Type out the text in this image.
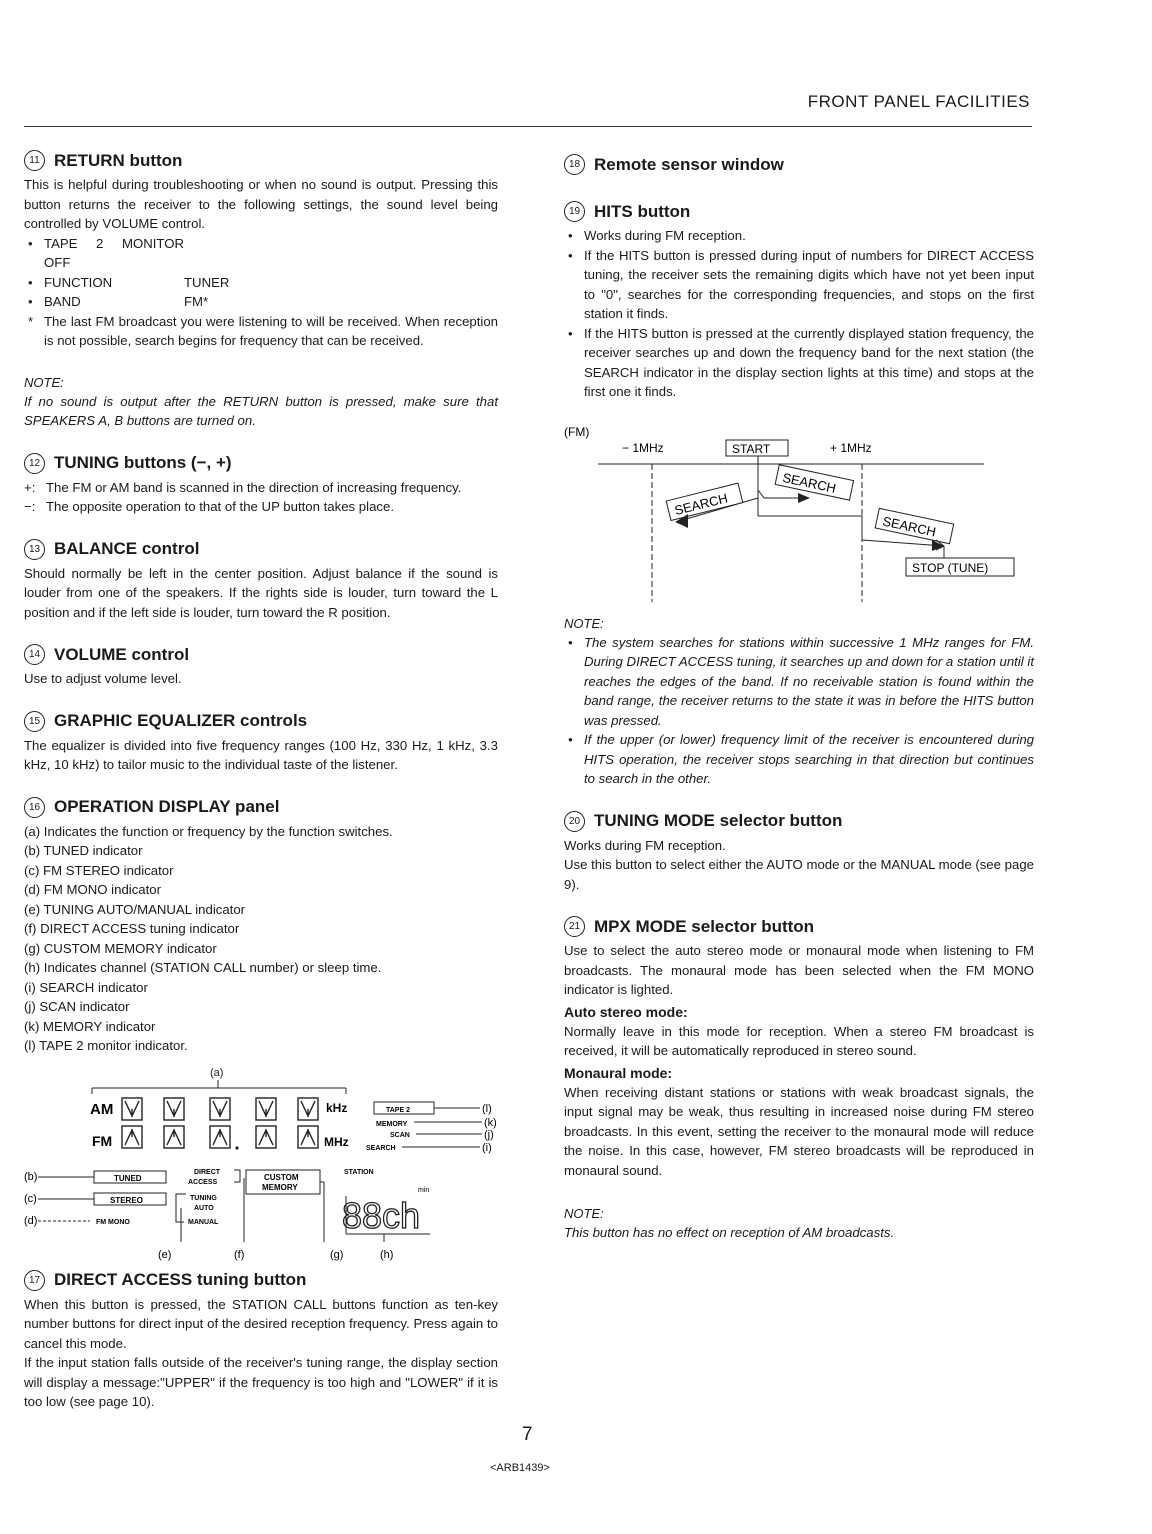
FRONT PANEL FACILITIES
11 RETURN button

This is helpful during troubleshooting or when no sound is output. Pressing this button returns the receiver to the following settings, the sound level being controlled by VOLUME control.

• TAPE 2 MONITOR OFF
• FUNCTION	TUNER
• BAND	FM*
* The last FM broadcast you were listening to will be received. When reception is not possible, search begins for frequency that can be received.
NOTE:

If no sound is output after the RETURN button is pressed, make sure that SPEAKERS A, B buttons are turned on.

12 TUNING buttons (−, +)
+: The FM or AM band is scanned in the direction of increasing frequency.
−: The opposite operation to that of the UP button takes place.
13 BALANCE control

Should normally be left in the center position. Adjust balance if the sound is louder from one of the speakers. If the rights side is louder, turn toward the L position and if the left side is louder, turn toward the R position.

14 VOLUME control

Use to adjust volume level.

15 GRAPHIC EQUALIZER controls

The equalizer is divided into five frequency ranges (100 Hz, 330 Hz, 1 kHz, 3.3 kHz, 10 kHz) to tailor music to the individual taste of the listener.

16 OPERATION DISPLAY panel

(a) Indicates the function or frequency by the function switches.

(b) TUNED indicator

(c) FM STEREO indicator

(d) FM MONO indicator

(e) TUNING AUTO/MANUAL indicator

(f) DIRECT ACCESS tuning indicator

(g) CUSTOM MEMORY indicator

(h) Indicates channel (STATION CALL number) or sleep time.

(i) SEARCH indicator

(j) SCAN indicator

(k) MEMORY indicator

(l) TAPE 2 monitor indicator.

(a)
AM
FM
kHz
MHz
TAPE 2
MEMORY
SCAN
SEARCH
(l)
(k)
(j)
(i)
(b)
(c)
(d)
TUNED
STEREO
FM MONO
DIRECT
ACCESS
TUNING
AUTO
MANUAL
CUSTOM
MEMORY
STATION
min
88ch
(e)	(f)	(g)	(h)
17 DIRECT ACCESS tuning button

When this button is pressed, the STATION CALL buttons function as ten-key number buttons for direct input of the desired reception frequency. Press again to cancel this mode.

If the input station falls outside of the receiver's tuning range, the display section will display a message:"UPPER" if the frequency is too high and "LOWER" if it is too low (see page 10).

18 Remote sensor window
19 HITS button
• Works during FM reception.
• If the HITS button is pressed during input of numbers for DIRECT ACCESS tuning, the receiver sets the remaining digits which have not yet been input to "0", searches for the corresponding frequencies, and stops on the first station it finds.
• If the HITS button is pressed at the currently displayed station frequency, the receiver searches up and down the frequency band for the next station (the SEARCH indicator in the display section lights at this time) and stops at the first one it finds.
(FM)
− 1MHz	START	+ 1MHz
SEARCH
SEARCH
SEARCH
STOP (TUNE)
NOTE:
• The system searches for stations within successive 1 MHz ranges for FM. During DIRECT ACCESS tuning, it searches up and down for a station until it reaches the edges of the band. If no receivable station is found within the band range, the receiver returns to the state it was in before the HITS button was pressed.
• If the upper (or lower) frequency limit of the receiver is encountered during HITS operation, the receiver stops searching in that direction but continues to search in the other.
20 TUNING MODE selector button

Works during FM reception.

Use this button to select either the AUTO mode or the MANUAL mode (see page 9).

21 MPX MODE selector button

Use to select the auto stereo mode or monaural mode when listening to FM broadcasts. The monaural mode has been selected when the FM MONO indicator is lighted.

Auto stereo mode:

Normally leave in this mode for reception. When a stereo FM broadcast is received, it will be automatically reproduced in stereo sound.

Monaural mode:

When receiving distant stations or stations with weak broadcast signals, the input signal may be weak, thus resulting in increased noise during FM stereo broadcasts. In this event, setting the receiver to the monaural mode will reduce the noise. In this case, however, FM stereo broadcasts will be reproduced in monaural sound.

NOTE:

This button has no effect on reception of AM broadcasts.

7
<ARB1439>
